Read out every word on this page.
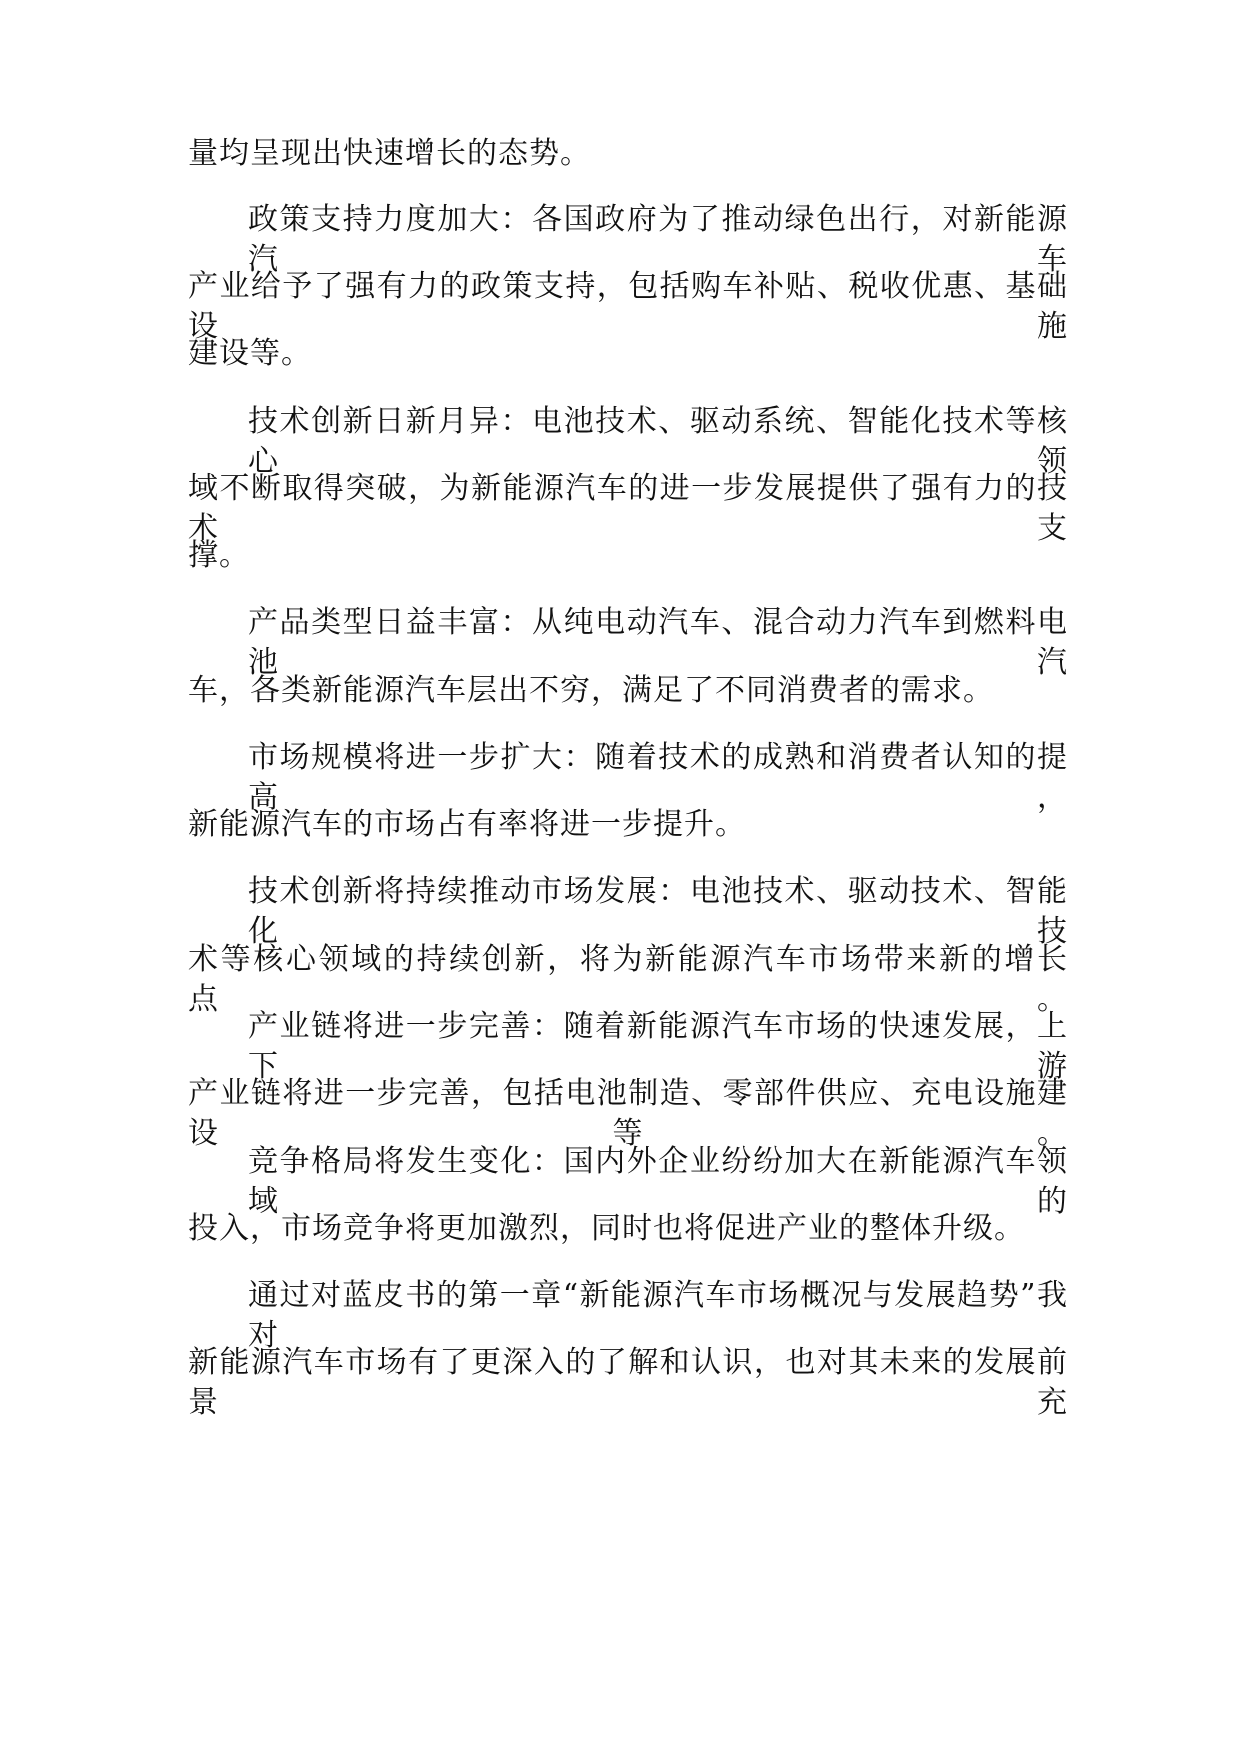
量均呈现出快速增长的态势。
政策支持力度加大：各国政府为了推动绿色出行，对新能源汽车
产业给予了强有力的政策支持，包括购车补贴、税收优惠、基础设施
建设等。
技术创新日新月异：电池技术、驱动系统、智能化技术等核心领
域不断取得突破，为新能源汽车的进一步发展提供了强有力的技术支
撑。
产品类型日益丰富：从纯电动汽车、混合动力汽车到燃料电池汽
车，各类新能源汽车层出不穷，满足了不同消费者的需求。
市场规模将进一步扩大：随着技术的成熟和消费者认知的提高，
新能源汽车的市场占有率将进一步提升。
技术创新将持续推动市场发展：电池技术、驱动技术、智能化技
术等核心领域的持续创新，将为新能源汽车市场带来新的增长点。
产业链将进一步完善：随着新能源汽车市场的快速发展，上下游
产业链将进一步完善，包括电池制造、零部件供应、充电设施建设等。
竞争格局将发生变化：国内外企业纷纷加大在新能源汽车领域的
投入，市场竞争将更加激烈，同时也将促进产业的整体升级。
通过对蓝皮书的第一章“新能源汽车市场概况与发展趋势”我对
新能源汽车市场有了更深入的了解和认识，也对其未来的发展前景充
